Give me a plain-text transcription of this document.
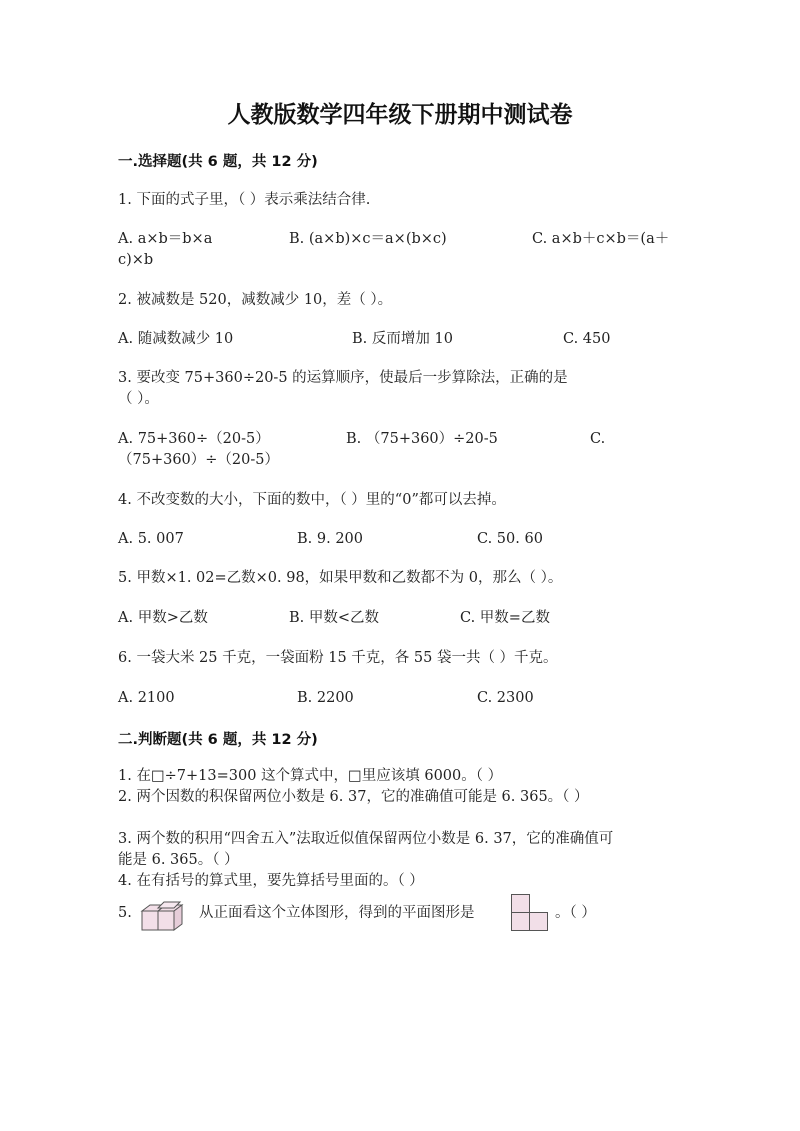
人教版数学四年级下册期中测试卷
一.选择题(共 6 题，共 12 分)
1. 下面的式子里，（ ）表示乘法结合律.
A. a×b＝b×a	B. (a×b)×c＝a×(b×c)	C. a×b＋c×b＝(a＋
c)×b
2. 被减数是 520，减数减少 10，差（ ）。
A. 随减数减少 10	B. 反而增加 10	C. 450
3. 要改变 75+360÷20-5 的运算顺序，使最后一步算除法，正确的是
（ ）。
A. 75+360÷（20-5）	B. （75+360）÷20-5	C.
（75+360）÷（20-5）
4. 不改变数的大小，下面的数中，（ ）里的“0”都可以去掉。
A. 5. 007	B. 9. 200	C. 50. 60
5. 甲数×1. 02=乙数×0. 98，如果甲数和乙数都不为 0，那么（ ）。
A. 甲数>乙数	B. 甲数<乙数	C. 甲数=乙数
6. 一袋大米 25 千克，一袋面粉 15 千克，各 55 袋一共（ ）千克。
A. 2100	B. 2200	C. 2300
二.判断题(共 6 题，共 12 分)
1. 在□÷7+13=300 这个算式中，□里应该填 6000。（ ）
2. 两个因数的积保留两位小数是 6. 37，它的准确值可能是 6. 365。（ ）
3. 两个数的积用“四舍五入”法取近似值保留两位小数是 6. 37，它的准确值可
能是 6. 365。（ ）
4. 在有括号的算式里，要先算括号里面的。（ ）
5.	从正面看这个立体图形，得到的平面图形是	。（ ）
